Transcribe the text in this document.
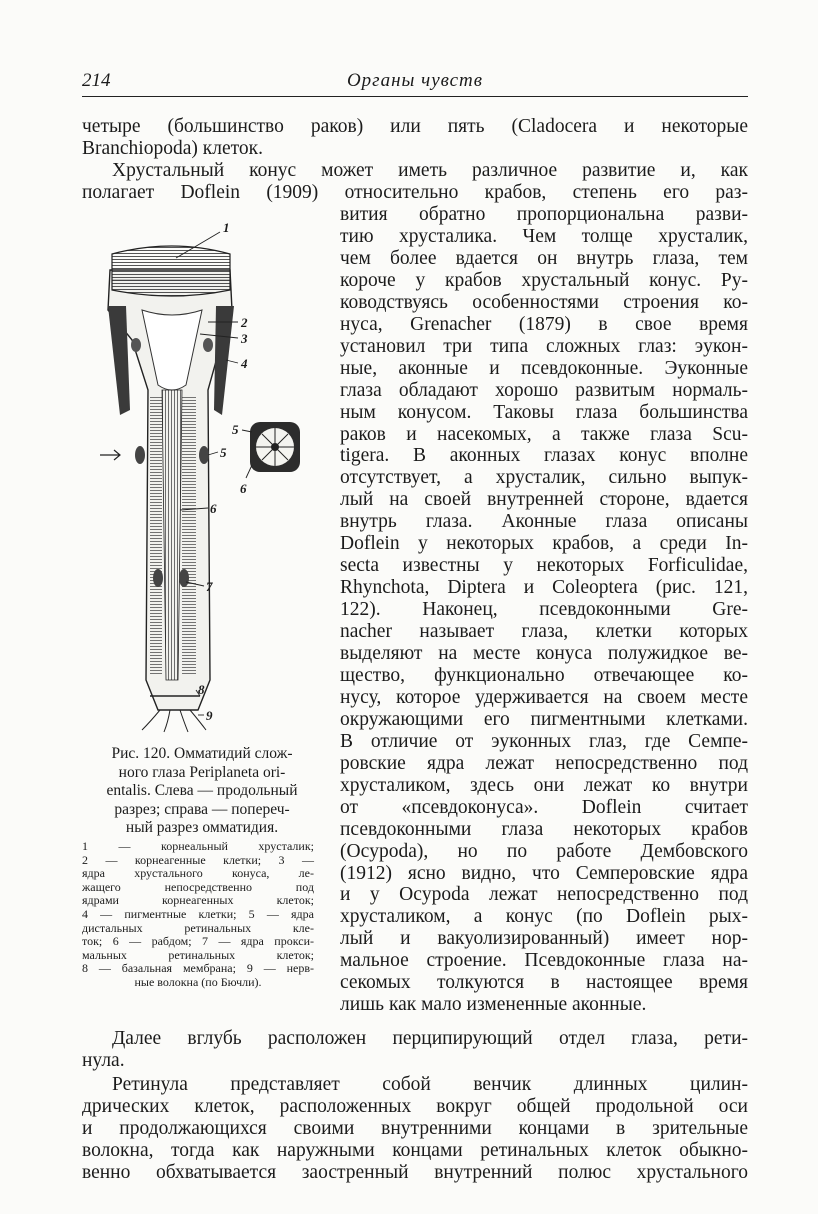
214	Органы чувств
четыре (большинство раков) или пять (Cladocera и некоторые
Branchiopoda) клеток.
Хрустальный конус может иметь различное развитие и, как
полагает Doflein (1909) относительно крабов, степень его раз-
вития обратно пропорциональна разви-
тию хрусталика. Чем толще хрусталик,
чем более вдается он внутрь глаза, тем
короче у крабов хрустальный конус. Ру-
ководствуясь особенностями строения ко-
нуса, Grenacher (1879) в свое время
установил три типа сложных глаз: эукон-
ные, аконные и псевдоконные. Эуконные
глаза обладают хорошо развитым нормаль-
ным конусом. Таковы глаза большинства
раков и насекомых, а также глаза Scu-
tigera. В аконных глазах конус вполне
отсутствует, а хрусталик, сильно выпук-
лый на своей внутренней стороне, вдается
внутрь глаза. Аконные глаза описаны
Doflein у некоторых крабов, а среди In-
secta известны у некоторых Forficulidae,
Rhynchota, Diptera и Coleoptera (рис. 121,
122). Наконец, псевдоконными Gre-
nacher называет глаза, клетки которых
выделяют на месте конуса полужидкое ве-
щество, функционально отвечающее ко-
нусу, которое удерживается на своем месте
окружающими его пигментными клетками.
В отличие от эуконных глаз, где Семпе-
ровские ядра лежат непосредственно под
хрусталиком, здесь они лежат ко внутри
от «псевдоконуса». Doflein считает
псевдоконными глаза некоторых крабов
(Ocypoda), но по работе Дембовского
(1912) ясно видно, что Семперовские ядра
и у Ocypoda лежат непосредственно под
хрусталиком, а конус (по Doflein рых-
лый и вакуолизированный) имеет нор-
мальное строение. Псевдоконные глаза на-
секомых толкуются в настоящее время
лишь как мало измененные аконные.
1
2
3
4
5
5
6
6
7
8
9
Рис. 120. Омматидий слож-
ного глаза Periplaneta ori-
entalis. Слева — продольный
разрез; справа — попереч-
ный разрез омматидия.
1 — корнеальный хрусталик;
2 — корнеагенные клетки; 3 —
ядра хрустального конуса, ле-
жащего непосредственно под
ядрами корнеагенных клеток;
4 — пигментные клетки; 5 — ядра
дистальных ретинальных кле-
ток; 6 — рабдом; 7 — ядра прокси-
мальных ретинальных клеток;
8 — базальная мембрана; 9 — нерв-
ные волокна (по Бючли).
Далее вглубь расположен перципирующий отдел глаза, рети-
нула.
Ретинула представляет собой венчик длинных цилин-
дрических клеток, расположенных вокруг общей продольной оси
и продолжающихся своими внутренними концами в зрительные
волокна, тогда как наружными концами ретинальных клеток обыкно-
венно обхватывается заостренный внутренний полюс хрустального
